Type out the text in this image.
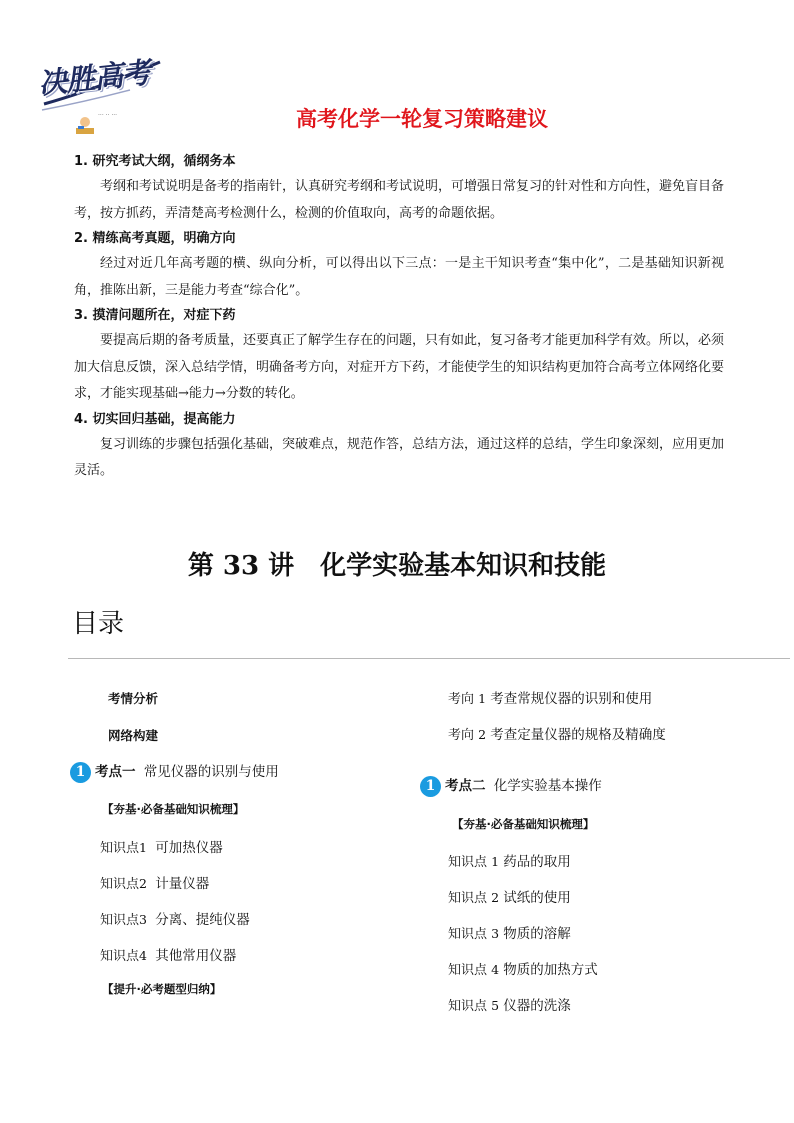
决胜高考
··· ·· ···	高考化学一轮复习策略建议

1. 研究考试大纲，循纲务本

考纲和考试说明是备考的指南针，认真研究考纲和考试说明，可增强日常复习的针对性和方向性，避免盲目备考，按方抓药，弄清楚高考检测什么，检测的价值取向，高考的命题依据。

2. 精练高考真题，明确方向

经过对近几年高考题的横、纵向分析，可以得出以下三点：一是主干知识考查“集中化”，二是基础知识新视角，推陈出新，三是能力考查“综合化”。

3. 摸清问题所在，对症下药

要提高后期的备考质量，还要真正了解学生存在的问题，只有如此，复习备考才能更加科学有效。所以，必须加大信息反馈，深入总结学情，明确备考方向，对症开方下药，才能使学生的知识结构更加符合高考立体网络化要求，才能实现基础→能力→分数的转化。

4. 切实回归基础，提高能力

复习训练的步骤包括强化基础，突破难点，规范作答，总结方法，通过这样的总结，学生印象深刻，应用更加灵活。

第 33 讲　化学实验基本知识和技能
目录
考情分析
网络构建
1 考点一 常见仪器的识别与使用
【夯基·必备基础知识梳理】
知识点1 可加热仪器
知识点2 计量仪器
知识点3 分离、提纯仪器
知识点4 其他常用仪器
【提升·必考题型归纳】
考向 1 考查常规仪器的识别和使用
考向 2 考查定量仪器的规格及精确度
1 考点二 化学实验基本操作
【夯基·必备基础知识梳理】
知识点 1 药品的取用
知识点 2 试纸的使用
知识点 3 物质的溶解
知识点 4 物质的加热方式
知识点 5 仪器的洗涤
